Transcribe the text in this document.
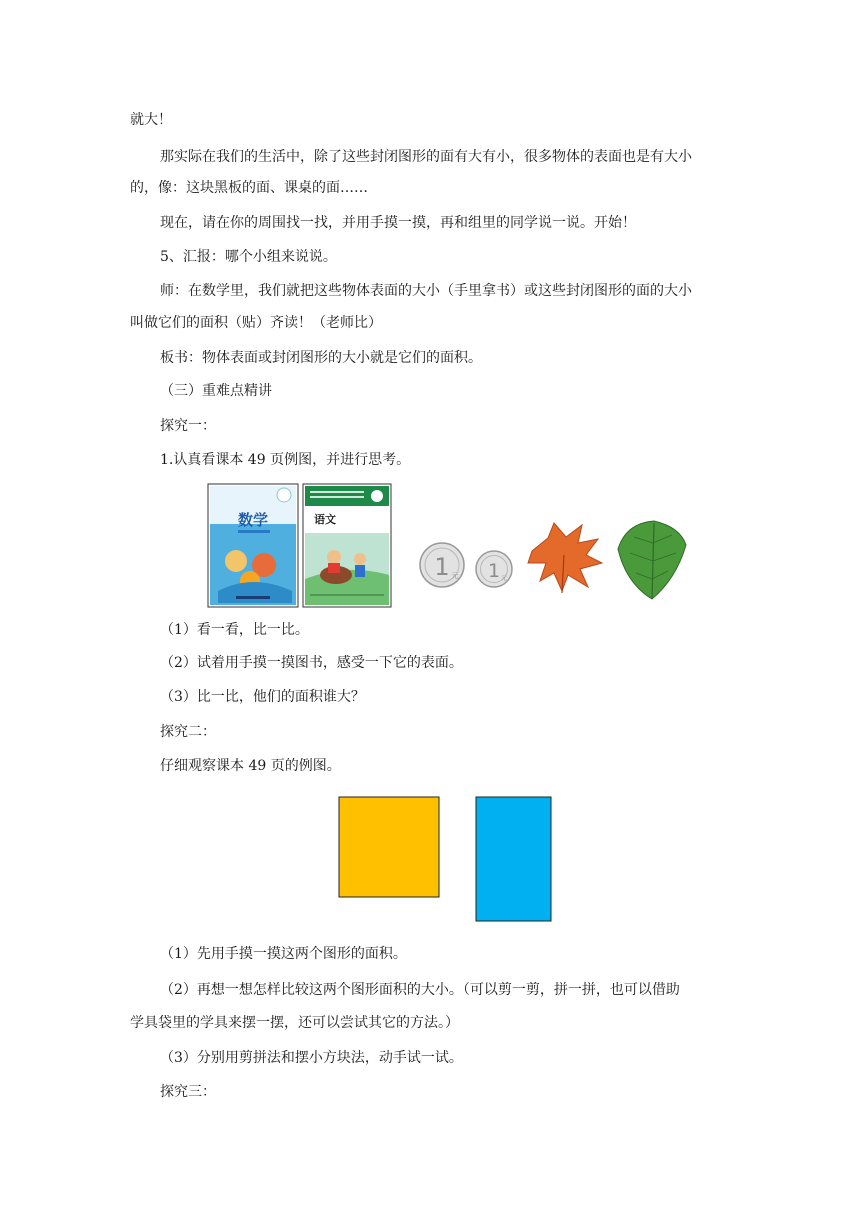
就大！
那实际在我们的生活中，除了这些封闭图形的面有大有小，很多物体的表面也是有大小
的，像：这块黑板的面、课桌的面……
现在，请在你的周围找一找，并用手摸一摸，再和组里的同学说一说。开始！
5、汇报：哪个小组来说说。
师：在数学里，我们就把这些物体表面的大小（手里拿书）或这些封闭图形的面的大小
叫做它们的面积（贴）齐读！（老师比）
板书：物体表面或封闭图形的大小就是它们的面积。
（三）重难点精讲
探究一：
1.认真看课本 49 页例图，并进行思考。
数学	语文
1 元 1 元
（1）看一看，比一比。
（2）试着用手摸一摸图书，感受一下它的表面。
（3）比一比，他们的面积谁大？
探究二：
仔细观察课本 49 页的例图。
（1）先用手摸一摸这两个图形的面积。
（2）再想一想怎样比较这两个图形面积的大小。（可以剪一剪，拼一拼，也可以借助
学具袋里的学具来摆一摆，还可以尝试其它的方法。）
（3）分别用剪拼法和摆小方块法，动手试一试。
探究三：
